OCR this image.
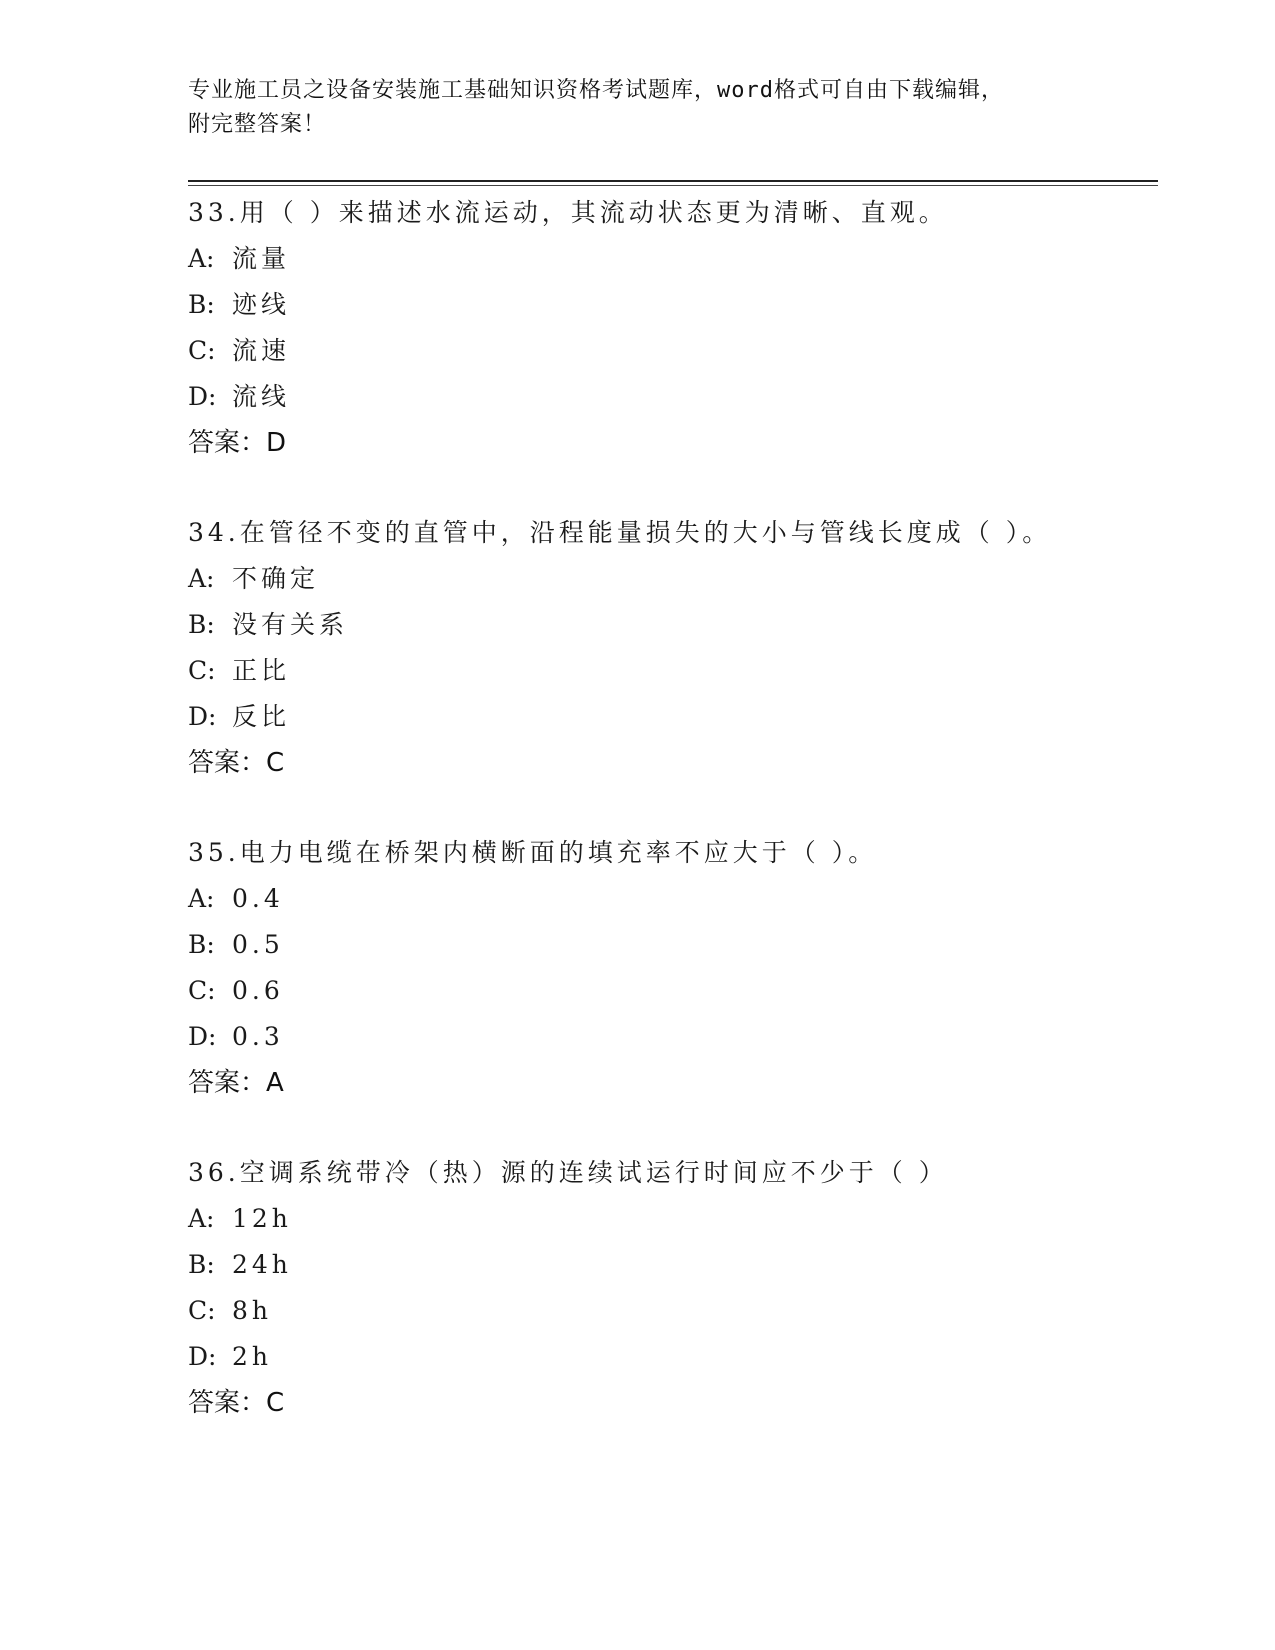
专业施工员之设备安装施工基础知识资格考试题库，word格式可自由下载编辑，
附完整答案！
33.用（ ）来描述水流运动，其流动状态更为清晰、直观。
A: 流量
B: 迹线
C: 流速
D: 流线
答案：D
34.在管径不变的直管中，沿程能量损失的大小与管线长度成（ ）。
A: 不确定
B: 没有关系
C: 正比
D: 反比
答案：C
35.电力电缆在桥架内横断面的填充率不应大于（ ）。
A: 0.4
B: 0.5
C: 0.6
D: 0.3
答案：A
36.空调系统带冷（热）源的连续试运行时间应不少于（ ）
A: 12h
B: 24h
C: 8h
D: 2h
答案：C
